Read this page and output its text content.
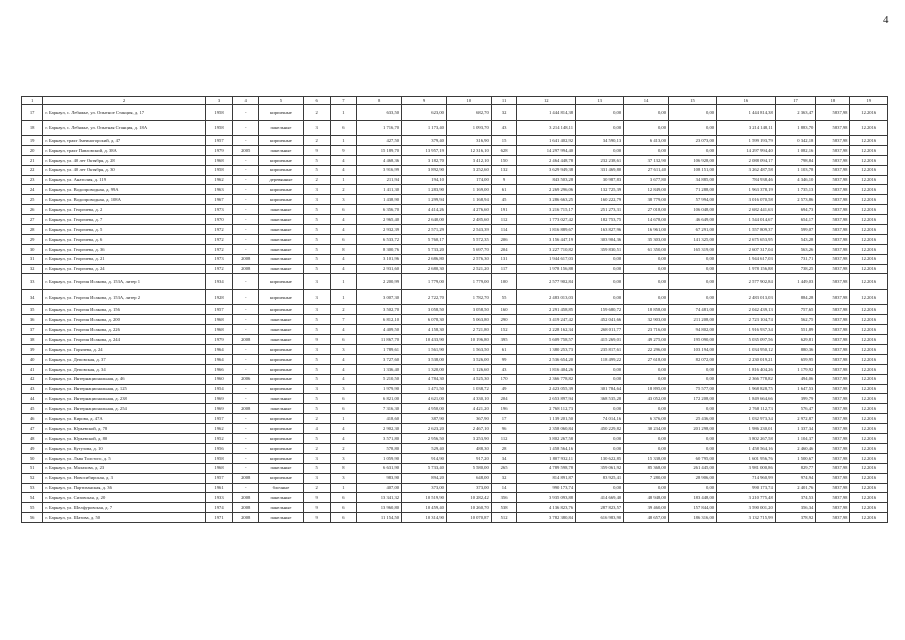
4
1	2	3	4	5	6	7	8	9	10	11	12	13	14	15	16	17	18	19
17	г. Барнаул, с. Лебяжье, ул. Опытное Cтанция, д. 17	1958	-	кирпичные	2	1	633,50	623,00	682,70	32	1 444 814,38	0,00	0,00	0,00	1 444 814,38	2 363,47	5837,98	12.2016
18	г. Барнаул, с. Лебяжье, ул. Опытная Cтанция, д. 18А	1958	-	панельные	3	6	1 716,70	1 173,40	1 093,70	43	3 214 148,11	0,00	0,00	0,00	3 214 148,11	1 883,70	5837,98	12.2016
19	г. Барнаул, тракт Змеиногорский, д. 47	1957	-	кирпичные	2	1	427,50	379,40	316,90	15	1 641 402,92	34 590,13	6 413,00	23 073,00	1 599 193,79	0 342,18	5837,98	12.2016
20	г. Барнаул, тракт Павловский, д. 38А	1979	2005	панельные	9	9	15 189,70	13 957,19	12 316,10	628	14 297 994,40	0,00	0,00	0,00	14 297 994,40	1 082,16	5837,98	12.2016
21	г. Барнаул, ул. 40 лет Октября, д. 28	1968	-	кирпичные	5	4	4 468,36	3 182,70	3 412,10	150	2 464 448,78	232 238,61	37 132,90	106 928,00	2 088 094,17	798,84	5837,98	12.2016
22	г. Барнаул, ул. 40 лет Октября, д. 30	1958	-	кирпичные	5	4	3 916,99	3 892,90	3 252,60	132	3 629 949,38	331 469,80	27 611,40	108 151,00	3 262 487,58	1 103,78	5837,98	12.2016
23	г. Барнаул, ул. Анатолия, д. 119	1962	-	деревянные	2	1	211,94	194,10	174,00	9	843 503,28	30 987,83	3 677,80	34 885,00	784 938,46	4 346,10	5837,98	12.2016
24	г. Барнаул, ул. Водопроводная, д. 99А	1963	-	кирпичные	3	2	1 411,30	1 283,90	1 169,00	61	2 269 296,06	132 725,39	12 849,00	71 288,00	1 963 378,19	1 735,13	5837,98	12.2016
25	г. Барнаул, ул. Водопроводная, д. 108А	1967	-	кирпичные	3	3	1 438,90	1 299,94	1 168,94	45	3 286 663,25	160 222,79	38 779,00	57 994,00	3 016 070,58	2 573,86	5837,98	12.2016
26	г. Барнаул, ул. Георгиева, д. 2	1973	-	панельные	5	6	6 356,70	4 414,26	4 276,60	191	3 216 715,17	251 273,31	27 018,00	106 048,00	2 682 441,63	694,73	5837,98	12.2016
27	г. Барнаул, ул. Георгиева, д. 7	1970	-	панельные	5	4	2 965,40	2 640,00	2 485,60	112	1 773 027,42	182 753,75	14 678,00	46 649,00	1 544 014,67	654,17	5837,98	12.2016
28	г. Барнаул, ул. Георгиева, д. 5	1972	-	панельные	5	4	2 932,39	2 571,29	2 543,39	114	1 816 889,67	163 827,96	16 961,00	67 291,00	1 557 809,37	599,07	5837,98	12.2016
29	г. Барнаул, ул. Георгиева, д. 6	1972	-	панельные	5	6	6 533,72	5 760,17	5 572,35	206	3 156 447,19	303 904,36	35 303,00	141 325,00	2 675 653,95	543,28	5837,98	12.2016
30	г. Барнаул, ул. Георгиева, д. 36	1972	-	панельные	5	8	8 300,76	5 733,20	5 697,70	204	3 227 710,82	359 830,51	61 350,00	165 319,00	2 607 317,04	563,26	5837,98	12.2016
31	г. Барнаул, ул. Георгиева, д. 21	1973	2008	панельные	5	4	3 101,96	2 686,80	2 576,30	131	1 944 617,03	0,00	0,00	0,00	1 944 617,03	731,71	5837,98	12.2016
32	г. Барнаул, ул. Георгиева, д. 24	1972	2008	панельные	5	4	2 931,60	2 680,30	2 521,20	117	1 978 156,88	0,00	0,00	0,00	1 978 156,88	738,25	5837,98	12.2016
33	г. Барнаул, ул. Георгия Исакова, д. 153А, литер 1	1934	-	кирпичные	3	1	2 200,99	1 779,00	1 779,00	100	2 577 902,84	0,00	0,00	0,00	2 577 902,84	1 449,03	5837,98	12.2016
34	г. Барнаул, ул. Георгия Исакова, д. 153А, литер 2	1928	-	кирпичные	3	1	3 007,30	2 722,70	1 782,70	55	2 483 013,03	0,00	0,00	0,00	2 483 013,03	884,28	5837,98	12.2016
35	г. Барнаул, ул. Георгия Исакова, д. 156	1957	-	кирпичные	3	2	3 502,70	3 058,50	3 058,50	160	2 291 458,85	159 680,72	18 858,00	74 481,00	2 042 439,13	757,65	5837,98	12.2016
36	г. Барнаул, ул. Георгия Исакова, д. 200	1968	-	панельные	5	7	6 812,10	6 078,30	5 063,80	290	3 419 247,42	452 041,66	32 903,00	211 208,00	2 723 104,74	562,75	5837,98	12.2016
37	г. Барнаул, ул. Георгия Исакова, д. 226	1968	-	панельные	5	4	4 409,50	4 158,30	2 721,80	152	2 228 162,34	268 011,77	23 716,00	94 802,00	1 916 937,34	551,89	5837,98	12.2016
38	г. Барнаул, ул. Георгия Исакова, д. 244	1979	2008	панельные	9	6	11 867,70	10 433,90	10 196,80	395	5 609 758,57	415 269,01	49 275,00	195 090,00	5 035 097,56	629,81	5837,98	12.2016
39	г. Барнаул, ул. Горячева, д. 24	1964	-	кирпичные	3	3	1 789,61	1 561,90	1 563,50	61	1 380 253,73	235 817,61	22 296,00	103 194,00	1 034 950,12	880,36	5837,98	12.2016
40	г. Барнаул, ул. Деповская, д. 37	1964	-	кирпичные	5	4	3 727,60	3 538,00	3 526,00	99	2 536 654,20	118 499,22	27 618,00	82 072,00	2 230 019,21	659,95	5837,98	12.2016
41	г. Барнаул, ул. Деповская, д. 34	1966	-	кирпичные	5	4	1 336,40	1 320,00	1 126,60	43	1 816 404,26	0,00	0,00	0,00	1 816 404,26	1 179,92	5837,98	12.2016
42	г. Барнаул, ул. Интернациональная, д. 46	1960	2006	кирпичные	5	4	5 210,50	4 784,30	4 525,30	170	2 366 778,82	0,00	0,00	0,00	2 366 778,82	494,06	5837,98	12.2016
43	г. Барнаул, ул. Интернациональная, д. 125	1954	-	кирпичные	3	3	1 979,90	1 471,50	1 038,72	49	2 423 055,39	301 784,64	18 895,00	75 577,00	1 968 828,75	1 647,53	5837,98	12.2016
44	г. Барнаул, ул. Интернациональная, д. 238	1969	-	панельные	5	6	6 821,00	4 621,00	4 330,10	204	2 653 897,94	368 535,28	43 052,00	172 208,00	1 849 664,66	399,79	5837,98	12.2016
45	г. Барнаул, ул. Интернациональная, д. 254	1969	2008	панельные	5	6	7 316,30	4 950,00	4 421,20	196	2 768 112,73	0,00	0,00	0,00	2 768 112,73	576,47	5837,98	12.2016
46	г. Барнаул, ул. Кирова, д. 47А	1957	-	кирпичные	2	1	418,60	387,90	367,90	17	1 139 201,50	74 014,16	6 376,00	25 436,00	1 032 973,34	2 972,87	5837,98	12.2016
47	г. Барнаул, ул. Юрьевской, д. 78	1962	-	кирпичные	4	4	2 902,30	2 623,20	2 467,10	96	2 358 060,84	450 229,82	30 234,00	201 298,00	1 986 230,01	1 337,34	5837,98	12.2016
48	г. Барнаул, ул. Юрьевской, д. 80	1952	-	кирпичные	5	4	3 571,80	2 956,50	3 253,90	112	3 802 267,58	0,00	0,00	0,00	3 802 267,58	1 104,37	5837,98	12.2016
49	г. Барнаул, ул. Кутузова, д. 10	1956	-	кирпичные	2	2	578,80	529,40	488,30	28	1 458 564,16	0,00	0,00	0,00	1 458 564,16	2 460,46	5837,98	12.2016
50	г. Барнаул, ул. Льва Толстого, д. 5	1958	-	кирпичные	3	3	1 059,90	914,90	917,20	34	1 807 932,11	130 622,85	15 338,00	60 795,00	1 601 956,76	1 500,67	5837,98	12.2016
51	г. Барнаул, ул. Малахова, д. 23	1968	-	панельные	5	8	6 631,90	5 733,40	5 580,00	265	4 789 598,78	359 061,92	85 368,00	261 445,00	3 981 000,86	829,77	5837,98	12.2016
52	г. Барнаул, ул. Новосибирская, д. 3	1957	2008	кирпичные	3	3	983,90	894,20	648,00	32	814 891,87	83 925,41	7 280,00	28 906,00	714 960,99	974,94	5837,98	12.2016
53	г. Барнаул, ул. Партизанская, д. 36	1961	-	блочные	2	1	407,00	373,00	373,00	14	990 173,74	0,00	0,00	0,00	990 173,74	2 401,76	5837,98	12.2016
54	г. Барнаул, ул. Сизовская, д. 20	1933	2008	панельные	9	6	13 341,32	10 519,90	10 282,42	356	3 935 093,88	414 669,40	48 948,00	183 448,00	3 210 775,48	374,53	5837,98	12.2016
55	г. Барнаул, ул. Шелфуровская, д. 7	1974	2008	панельные	9	6	13 960,80	10 459,40	10 260,70	538	4 136 823,76	287 823,57	39 460,00	157 844,00	3 590 001,20	356,34	5837,98	12.2016
56	г. Барнаул, ул. Шатова, д. 50	1971	2008	панельные	9	6	11 154,50	10 314,90	10 070,87	512	3 782 380,84	616 983,90	48 657,00	186 316,00	3 132 715,99	378,92	5837,98	12.2016
